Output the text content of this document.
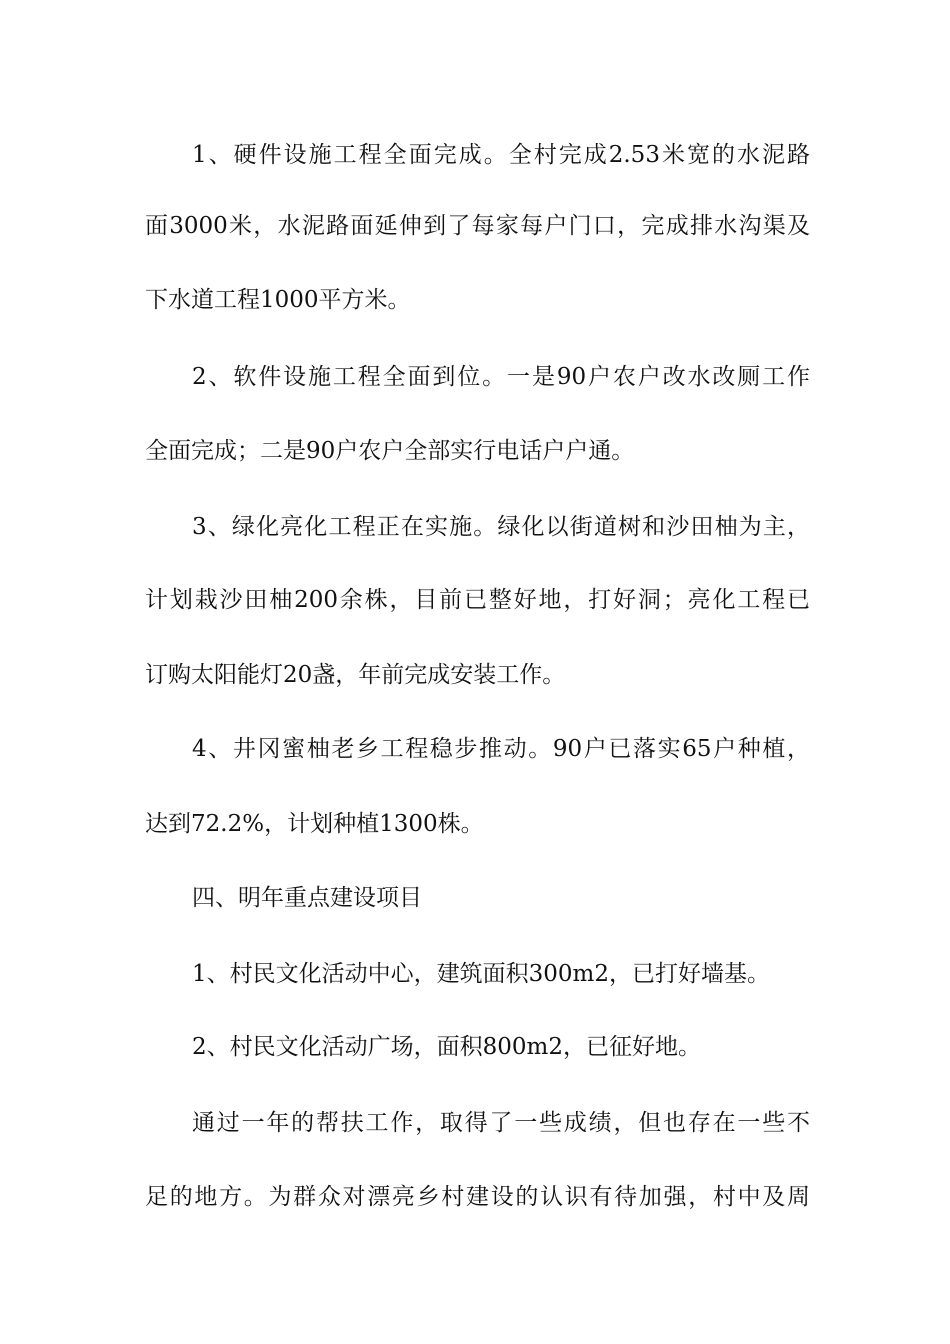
1、硬件设施工程全面完成。全村完成2.53米宽的水泥路
面3000米，水泥路面延伸到了每家每户门口，完成排水沟渠及
下水道工程1000平方米。
2、软件设施工程全面到位。一是90户农户改水改厕工作
全面完成；二是90户农户全部实行电话户户通。
3、绿化亮化工程正在实施。绿化以街道树和沙田柚为主，
计划栽沙田柚200余株，目前已整好地，打好洞；亮化工程已
订购太阳能灯20盏，年前完成安装工作。
4、井冈蜜柚老乡工程稳步推动。90户已落实65户种植，
达到72.2%，计划种植1300株。
四、明年重点建设项目
1、村民文化活动中心，建筑面积300m2，已打好墙基。
2、村民文化活动广场，面积800m2，已征好地。
通过一年的帮扶工作，取得了一些成绩，但也存在一些不
足的地方。为群众对漂亮乡村建设的认识有待加强，村中及周
